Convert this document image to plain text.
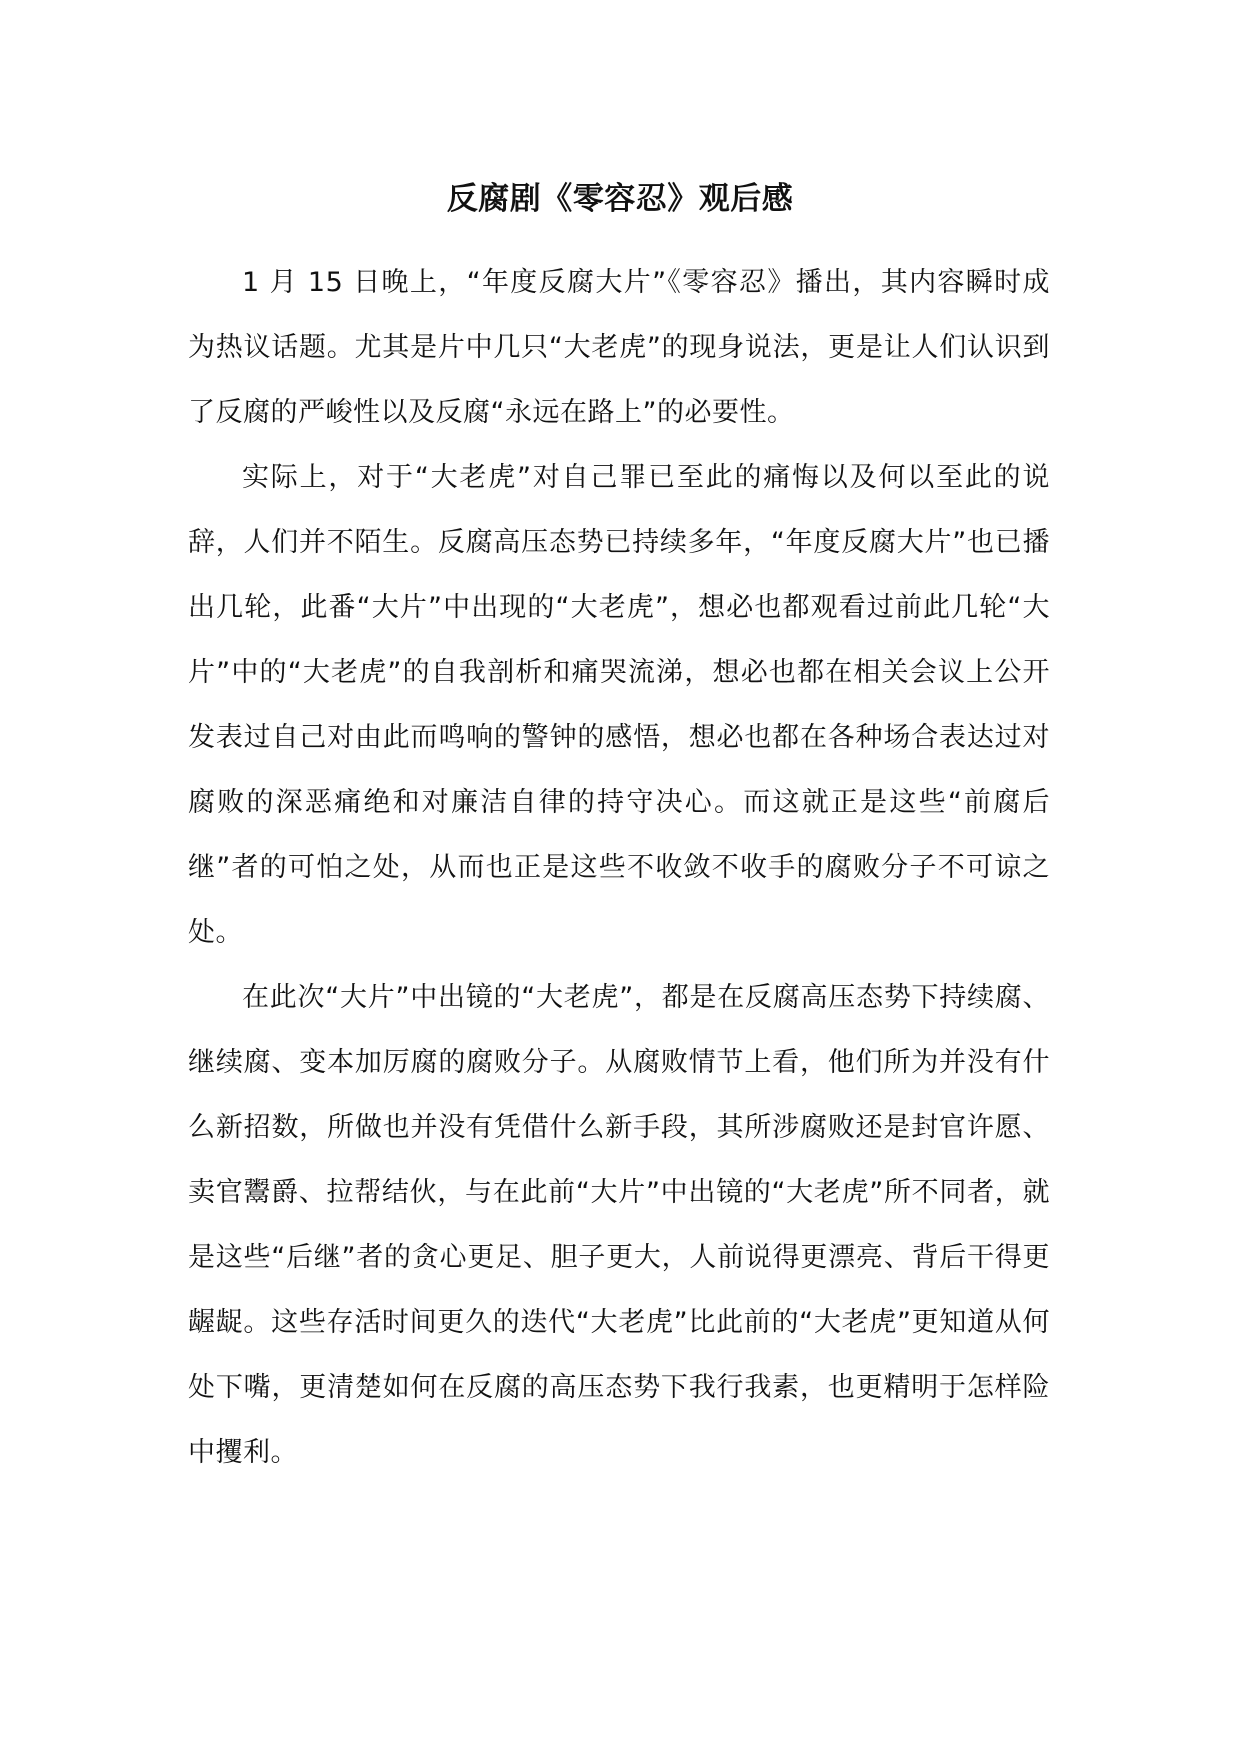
反腐剧《零容忍》观后感

1 月 15 日晚上，“年度反腐大片”《零容忍》播出，其内容瞬时成为热议话题。尤其是片中几只“大老虎”的现身说法，更是让人们认识到了反腐的严峻性以及反腐“永远在路上”的必要性。

实际上，对于“大老虎”对自己罪已至此的痛悔以及何以至此的说辞，人们并不陌生。反腐高压态势已持续多年，“年度反腐大片”也已播出几轮，此番“大片”中出现的“大老虎”，想必也都观看过前此几轮“大片”中的“大老虎”的自我剖析和痛哭流涕，想必也都在相关会议上公开发表过自己对由此而鸣响的警钟的感悟，想必也都在各种场合表达过对腐败的深恶痛绝和对廉洁自律的持守决心。而这就正是这些“前腐后继”者的可怕之处，从而也正是这些不收敛不收手的腐败分子不可谅之处。

在此次“大片”中出镜的“大老虎”，都是在反腐高压态势下持续腐、继续腐、变本加厉腐的腐败分子。从腐败情节上看，他们所为并没有什么新招数，所做也并没有凭借什么新手段，其所涉腐败还是封官许愿、卖官鬻爵、拉帮结伙，与在此前“大片”中出镜的“大老虎”所不同者，就是这些“后继”者的贪心更足、胆子更大，人前说得更漂亮、背后干得更龌龊。这些存活时间更久的迭代“大老虎”比此前的“大老虎”更知道从何处下嘴，更清楚如何在反腐的高压态势下我行我素，也更精明于怎样险中攫利。
